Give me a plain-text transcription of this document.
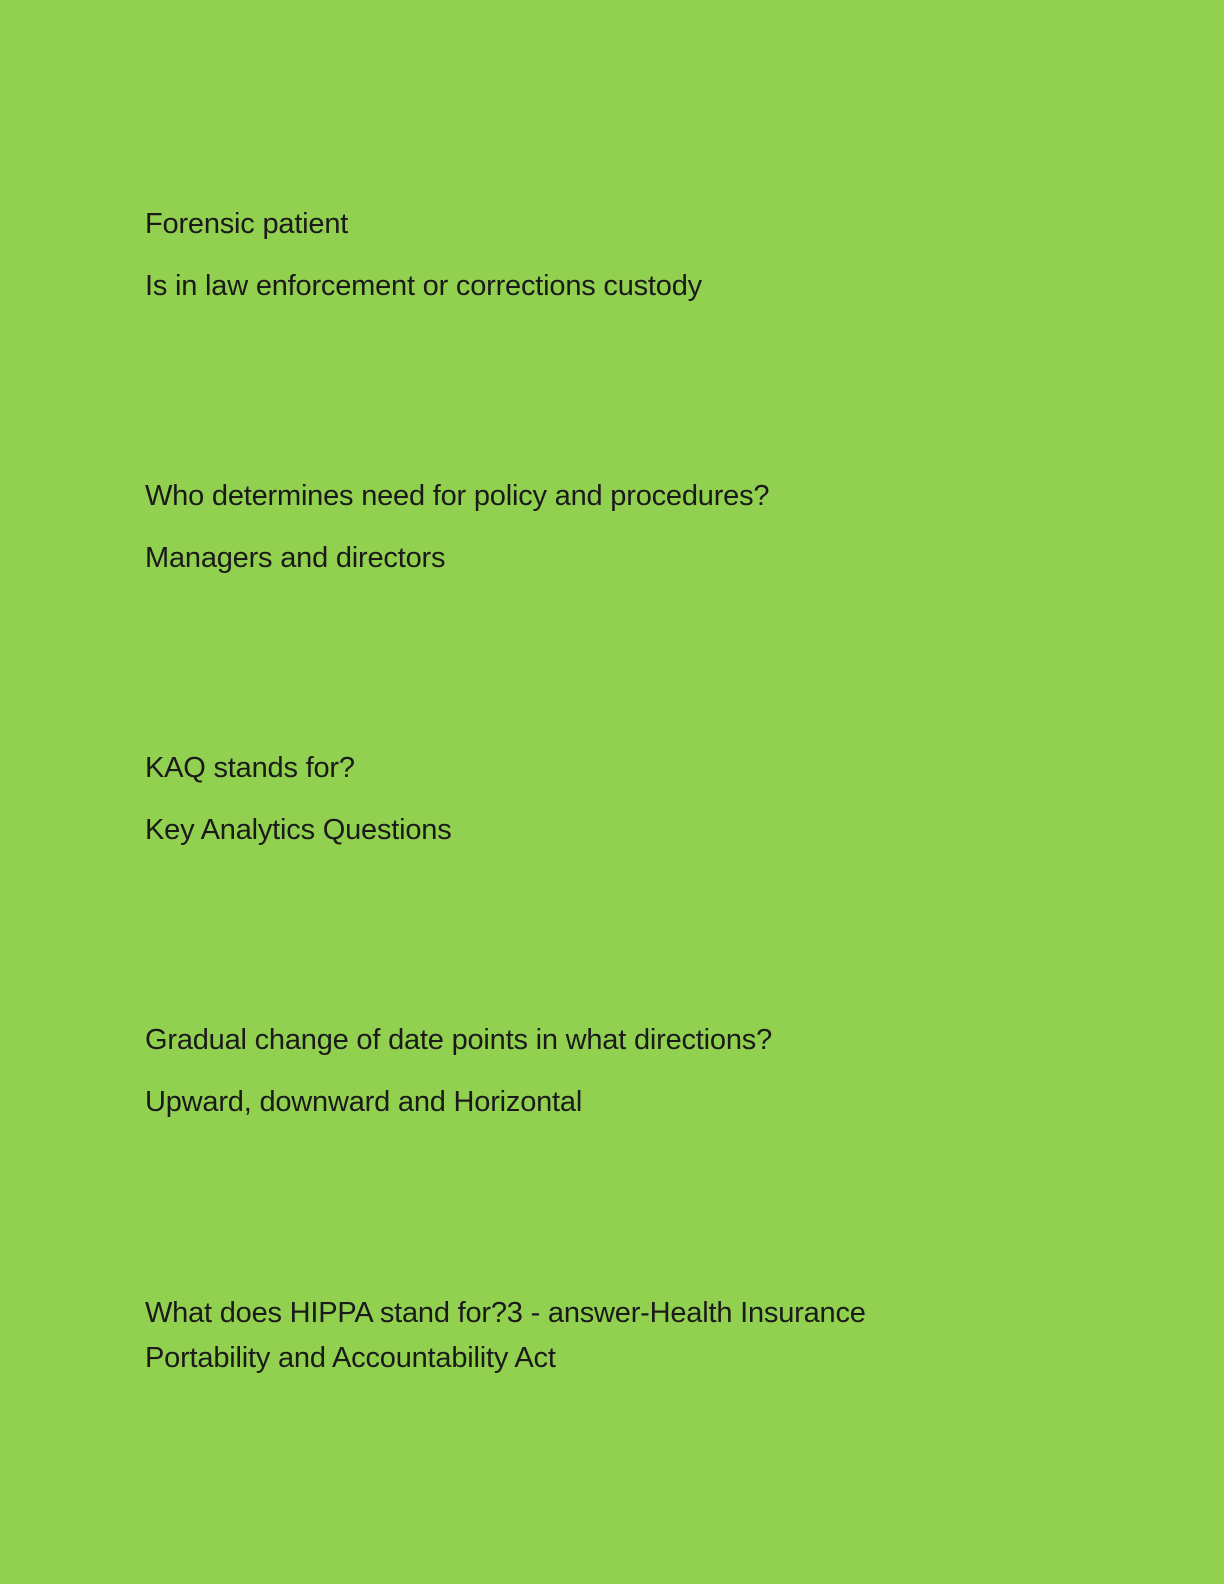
Forensic patient

Is in law enforcement or corrections custody

Who determines need for policy and procedures?

Managers and directors

KAQ stands for?

Key Analytics Questions

Gradual change of date points in what directions?

Upward, downward and Horizontal

What does HIPPA stand for?3 - answer-Health Insurance
Portability and Accountability Act
